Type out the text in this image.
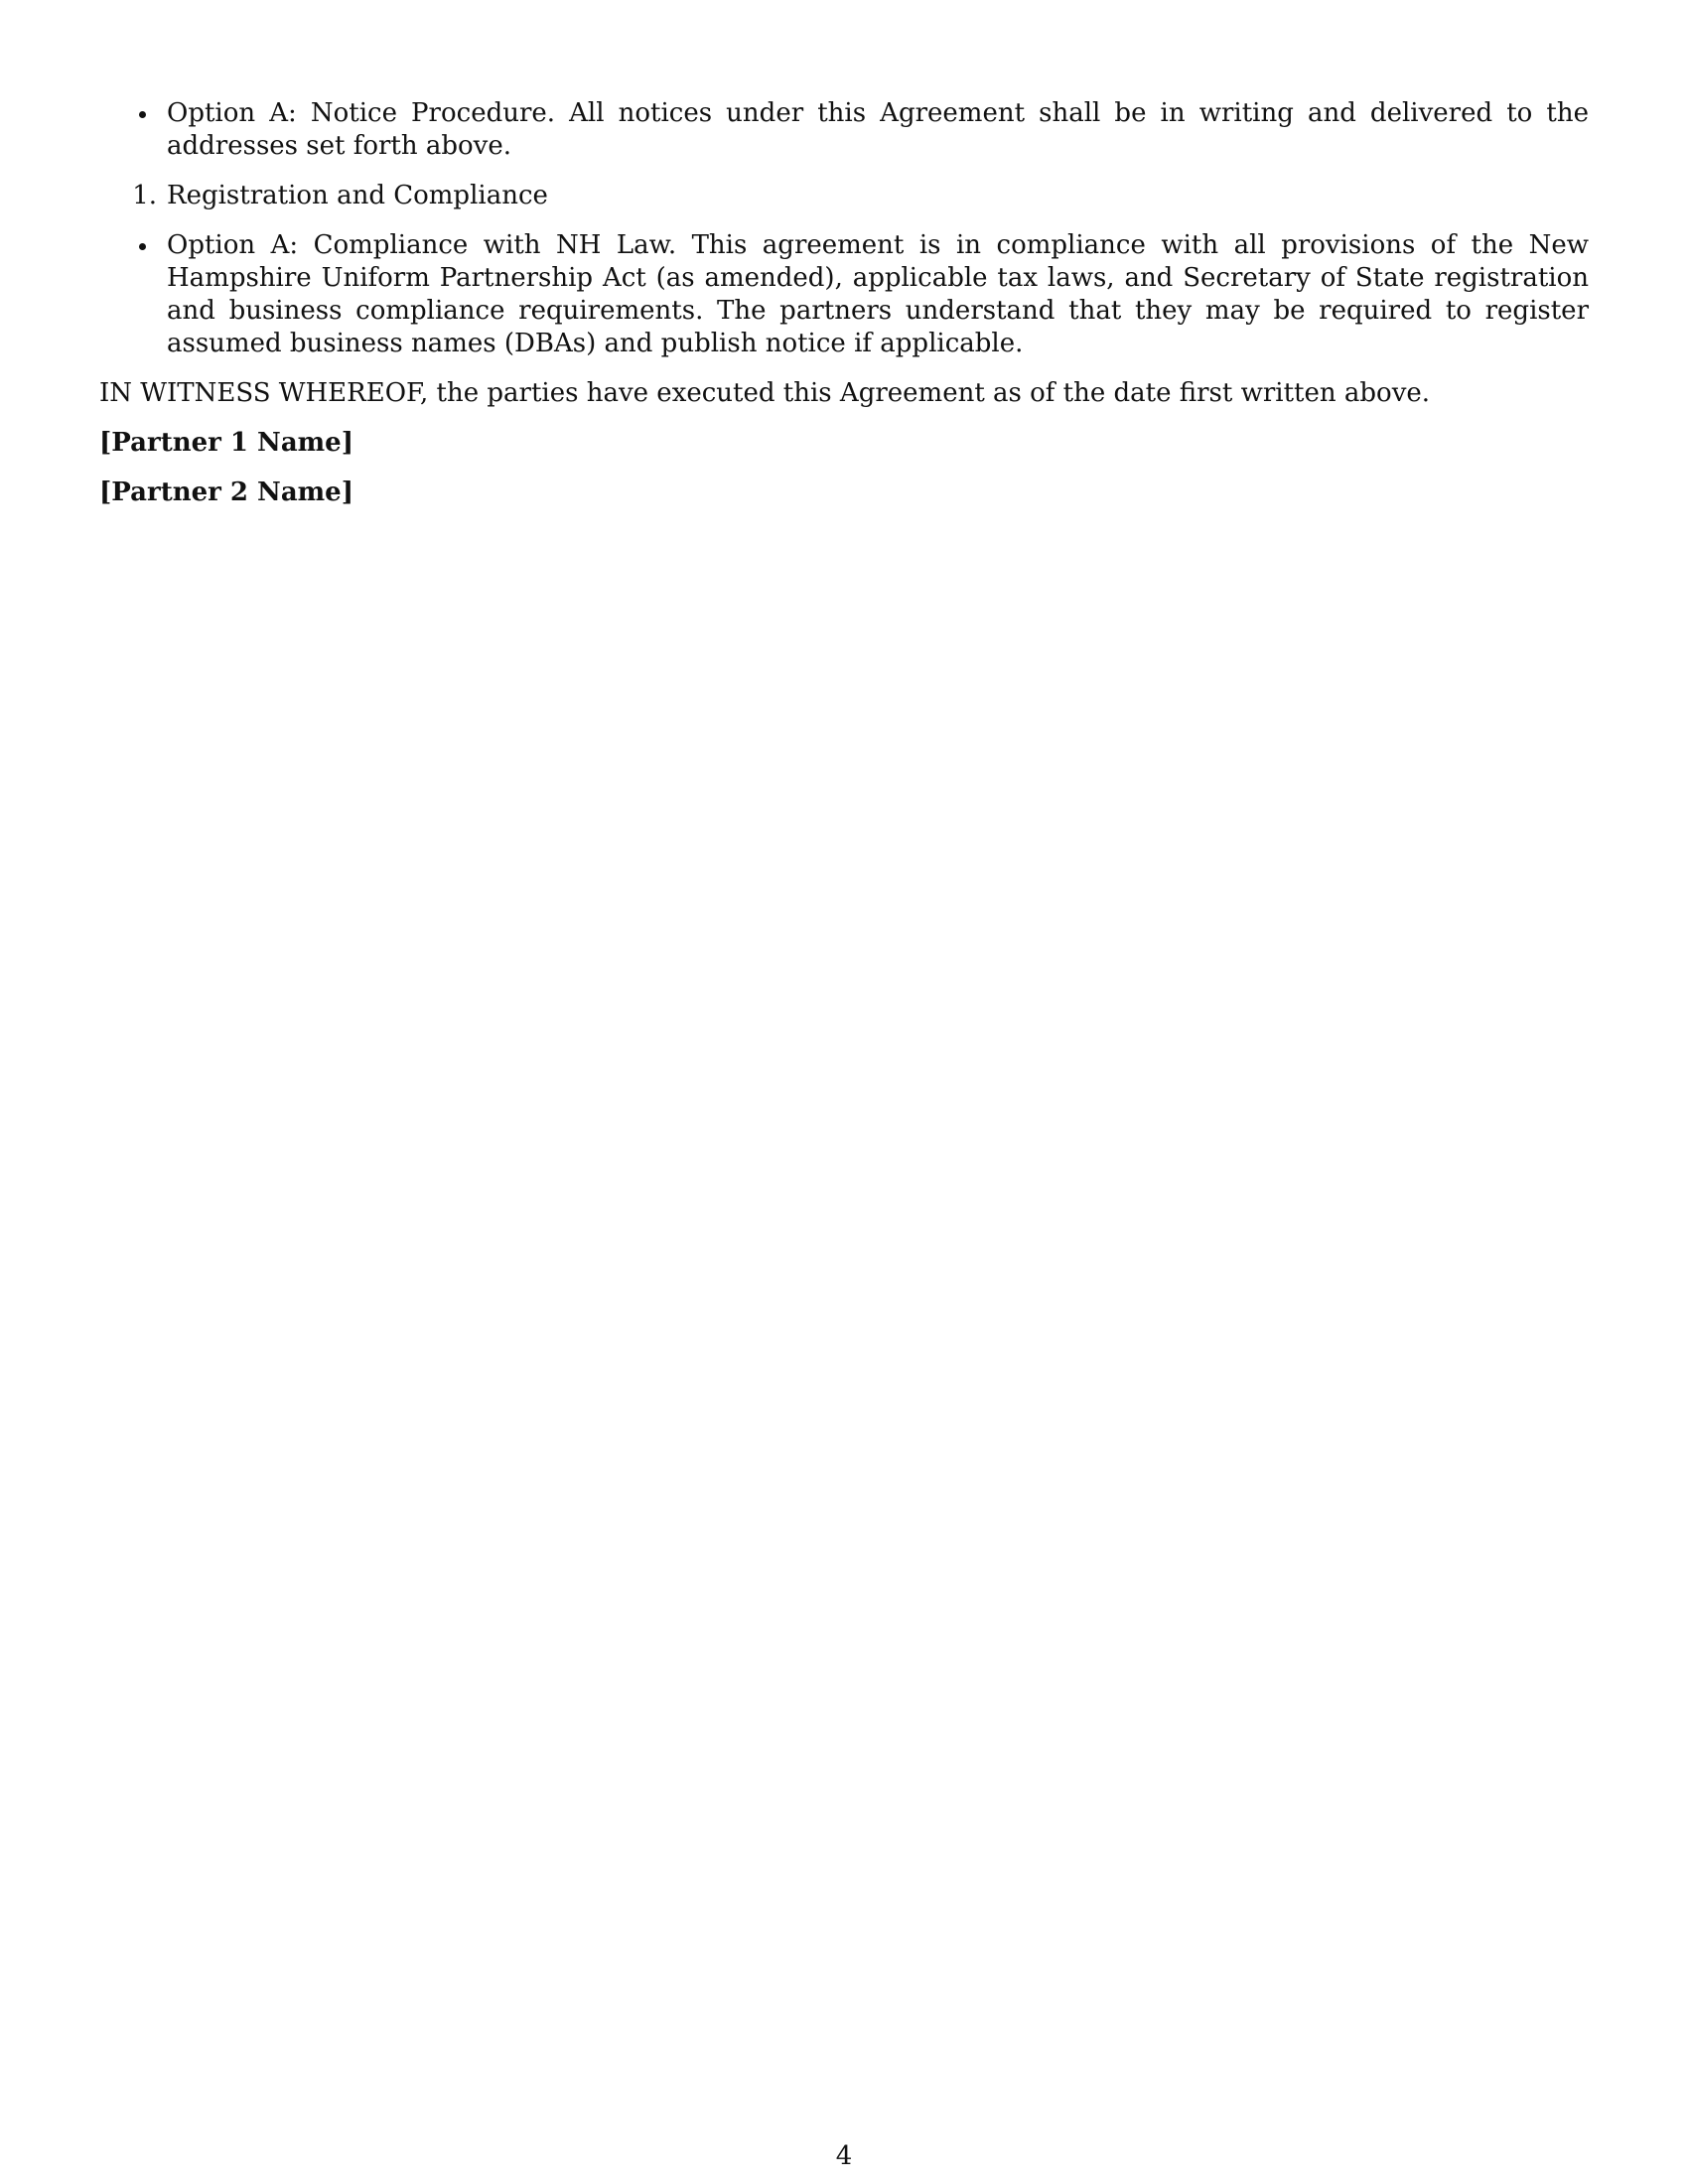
Option A: Notice Procedure. All notices under this Agreement shall be in writing and delivered to the addresses set forth above.
1. Registration and Compliance
Option A: Compliance with NH Law. This agreement is in compliance with all provisions of the New Hampshire Uniform Partnership Act (as amended), applicable tax laws, and Secretary of State registration and business compliance requirements. The partners understand that they may be required to register assumed business names (DBAs) and publish notice if applicable.

IN WITNESS WHEREOF, the parties have executed this Agreement as of the date first written above.

[Partner 1 Name]

[Partner 2 Name]

4
